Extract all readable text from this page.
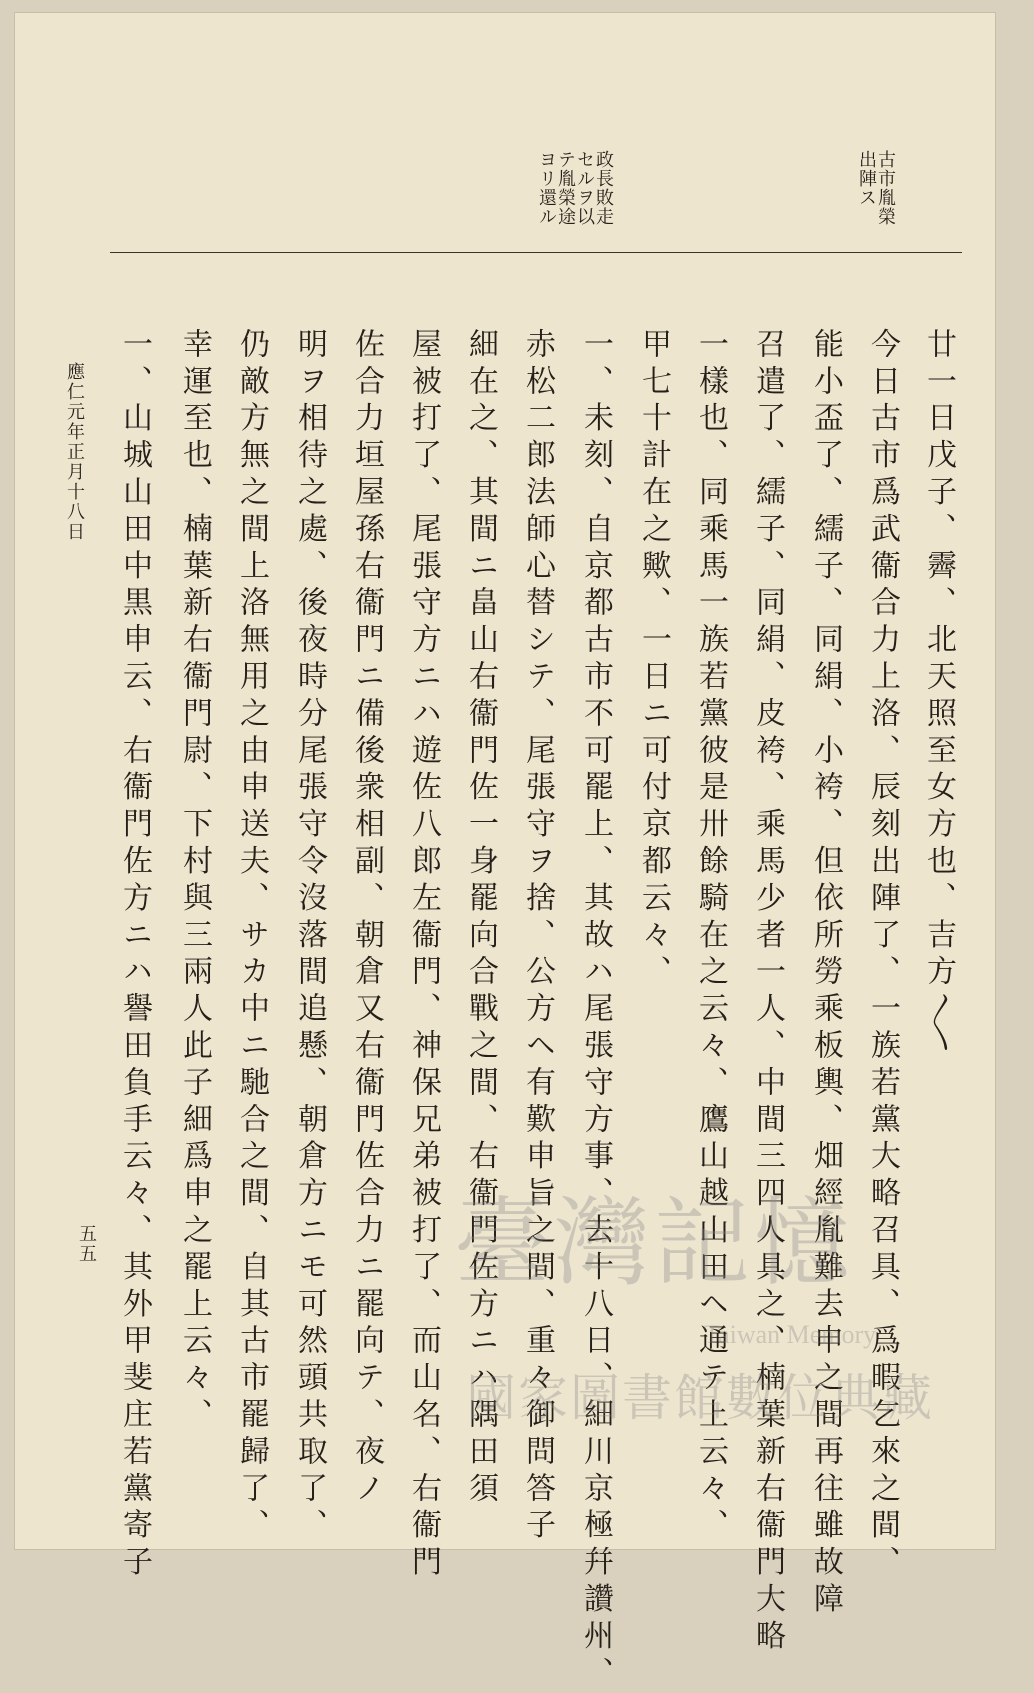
古市胤榮
出陣ス
政長敗走
セルヲ以
テ胤榮途
ヨリ還ル
廿一日戊子、霽、北天照至女方也、吉方〳〵
今日古市爲武衞合力上洛、辰刻出陣了、一族若黨大略召具、爲暇乞來之間、
能小盃了、繻子、同絹、小袴、但依所勞乘板輿、畑經胤難去申之間再往雖故障
召遣了、繻子、同絹、皮袴、乘馬少者一人、中間三四人具之、楠葉新右衞門大略
一樣也、同乘馬一族若黨彼是卅餘騎在之云々、鷹山越山田ヘ通テ上云々、
甲七十計在之歟、一日ニ可付京都云々、
一、未刻、自京都古市不可罷上、其故ハ尾張守方事、去十八日、細川京極幷讚州、
赤松二郎法師心替シテ、尾張守ヲ捨、公方ヘ有歎申旨之間、重々御問答子
細在之、其間ニ畠山右衞門佐一身罷向合戰之間、右衞門佐方ニハ隅田須
屋被打了、尾張守方ニハ遊佐八郎左衞門、神保兄弟被打了、而山名、右衞門
佐合力垣屋孫右衞門ニ備後衆相副、朝倉又右衞門佐合力ニ罷向テ、夜ノ
明ヲ相待之處、後夜時分尾張守令沒落間追懸、朝倉方ニモ可然頭共取了、
仍敵方無之間上洛無用之由申送夫、サカ中ニ馳合之間、自其古市罷歸了、
幸運至也、楠葉新右衞門尉、下村與三兩人此子細爲申之罷上云々、
一、山城山田中黒申云、右衞門佐方ニハ譽田負手云々、其外甲斐庄若黨寄子
應仁元年正月十八日
五五	臺灣記憶
Taiwan Memory
國家圖書館數位典藏
